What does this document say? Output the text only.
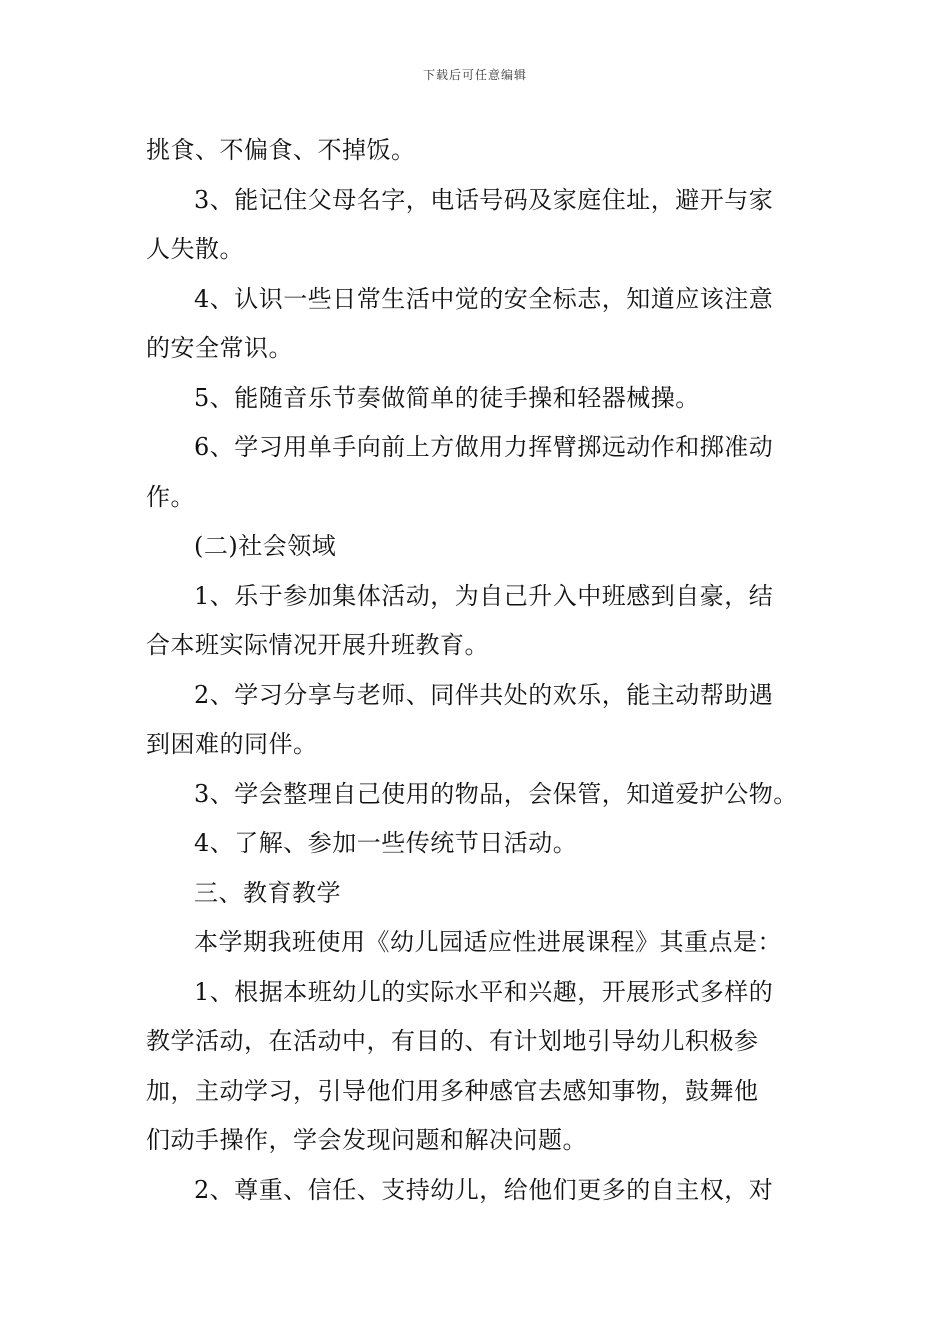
下载后可任意编辑

挑食、不偏食、不掉饭。

3、能记住父母名字，电话号码及家庭住址，避开与家

人失散。

4、认识一些日常生活中觉的安全标志，知道应该注意

的安全常识。

5、能随音乐节奏做简单的徒手操和轻器械操。

6、学习用单手向前上方做用力挥臂掷远动作和掷准动

作。

(二)社会领域

1、乐于参加集体活动，为自己升入中班感到自豪，结

合本班实际情况开展升班教育。

2、学习分享与老师、同伴共处的欢乐，能主动帮助遇

到困难的同伴。

3、学会整理自己使用的物品，会保管，知道爱护公物。

4、了解、参加一些传统节日活动。

三、教育教学

本学期我班使用《幼儿园适应性进展课程》其重点是：

1、根据本班幼儿的实际水平和兴趣，开展形式多样的

教学活动，在活动中，有目的、有计划地引导幼儿积极参

加，主动学习，引导他们用多种感官去感知事物，鼓舞他

们动手操作，学会发现问题和解决问题。

2、尊重、信任、支持幼儿，给他们更多的自主权，对
